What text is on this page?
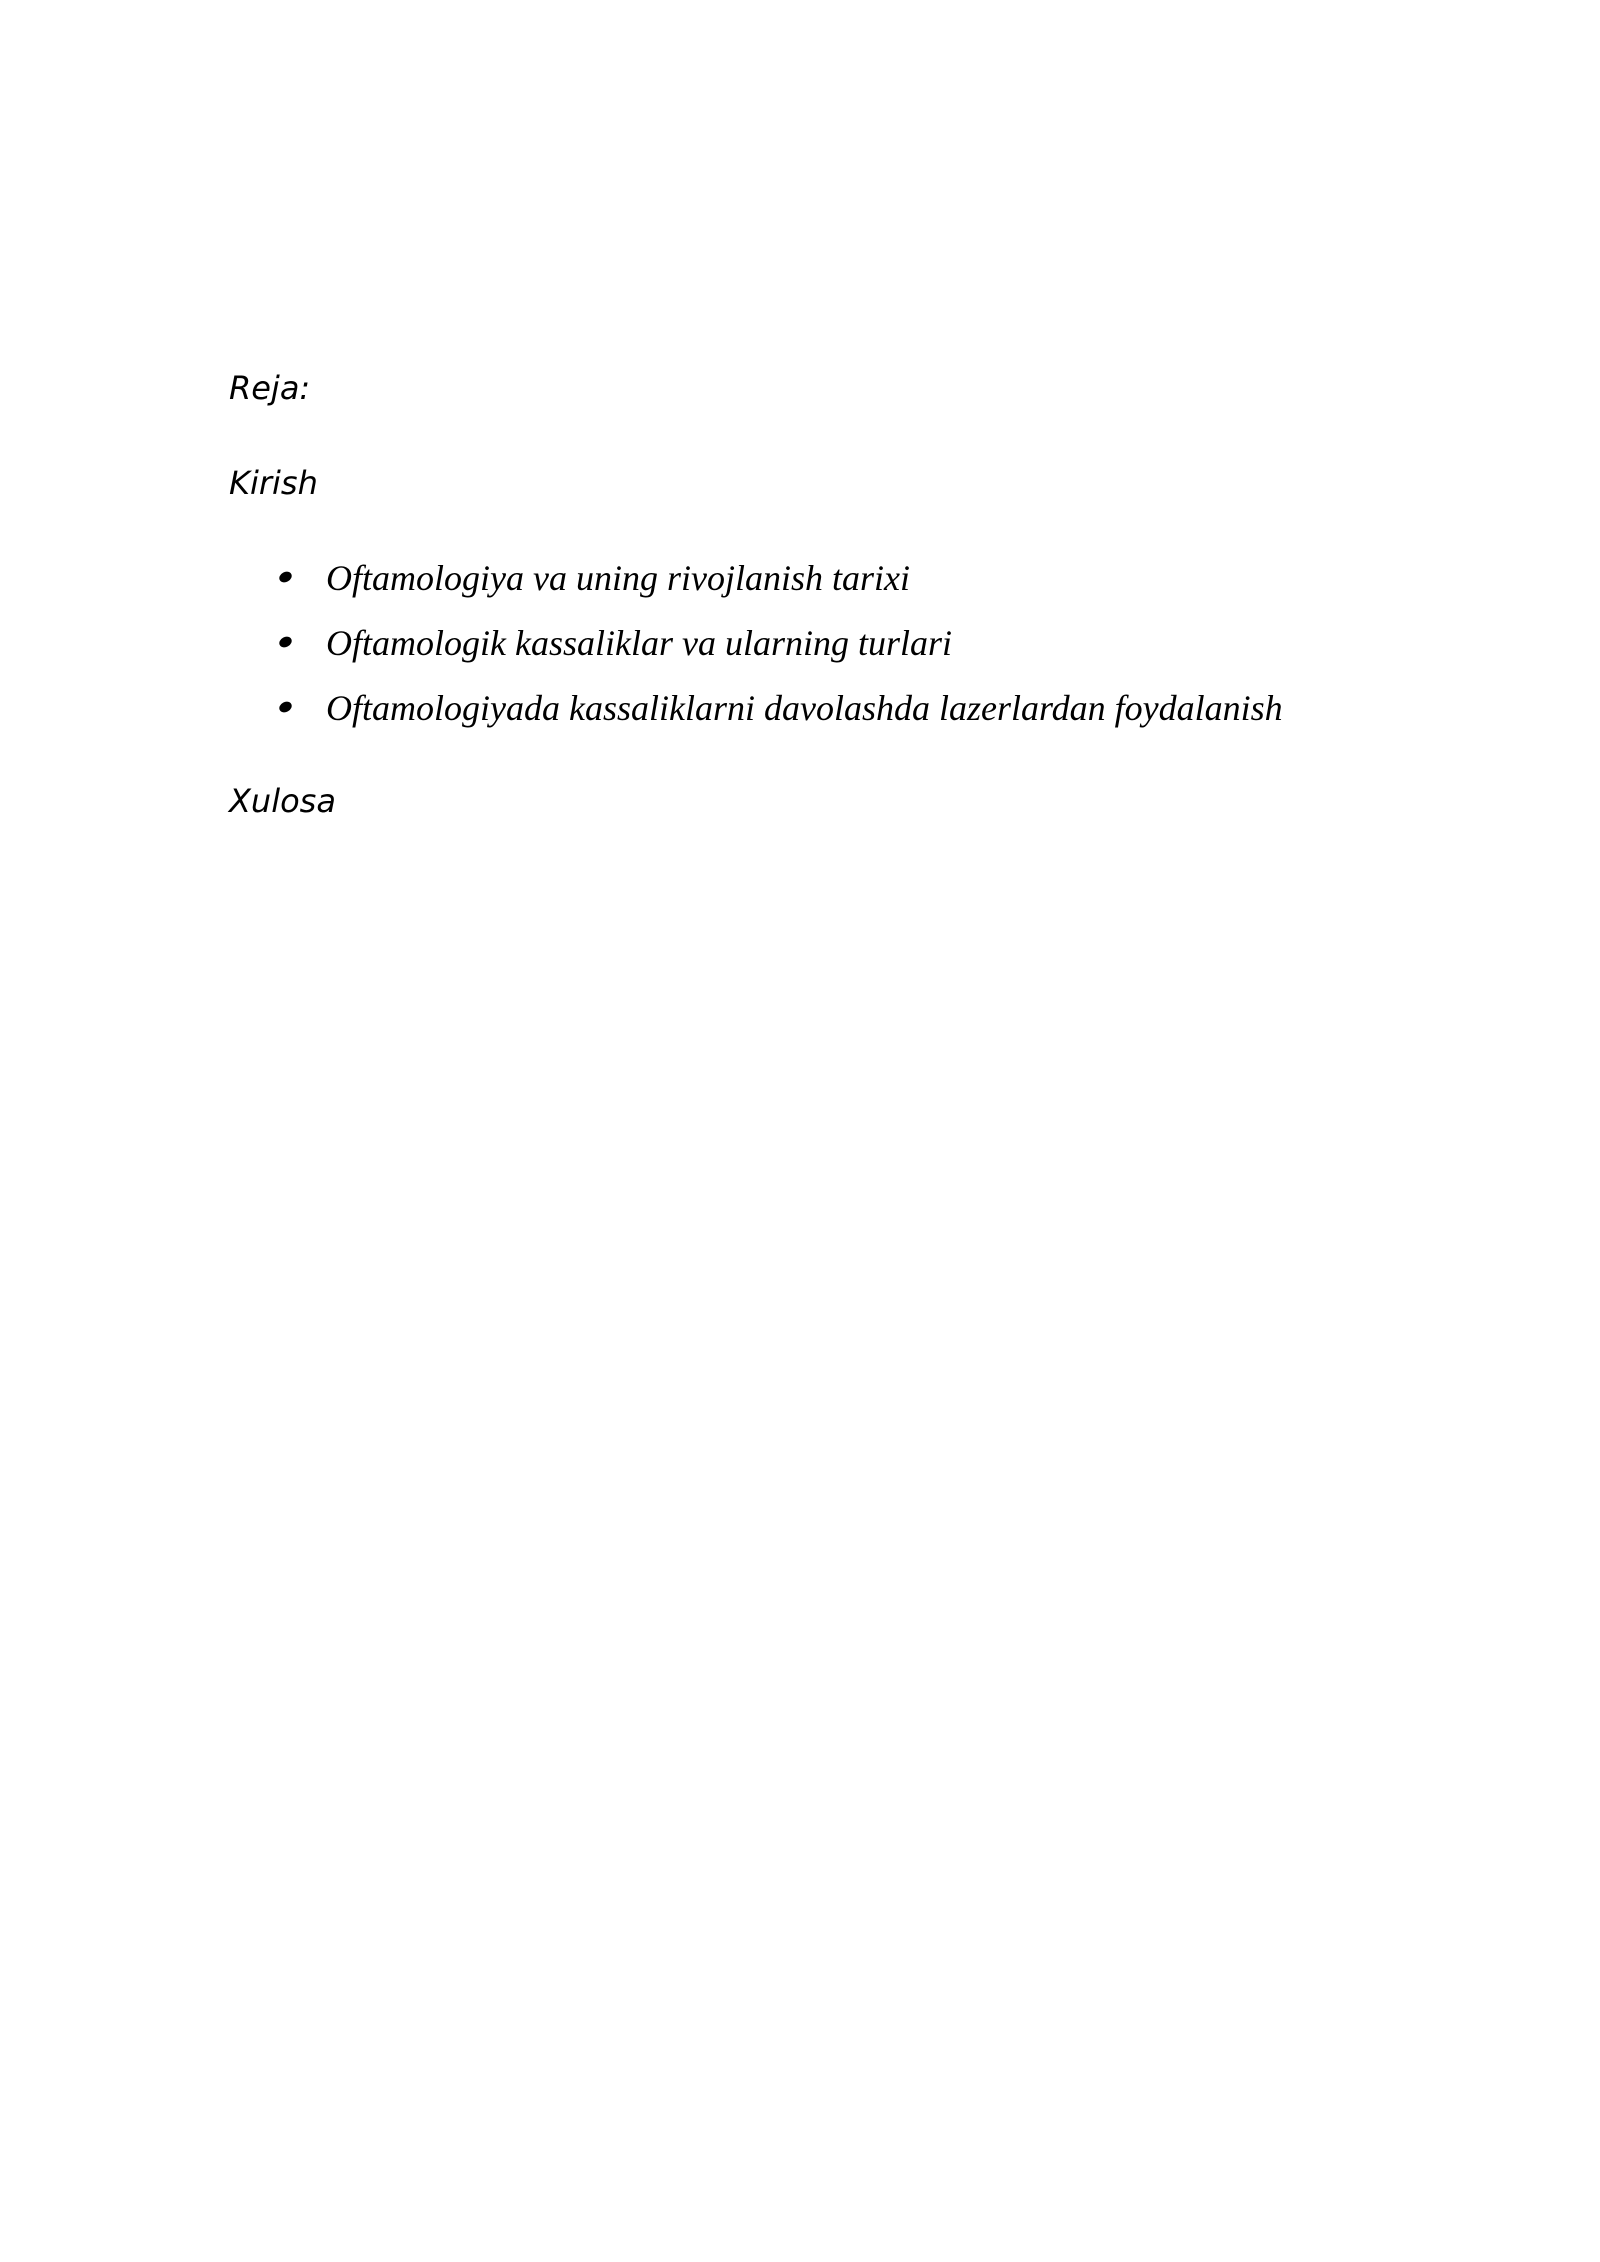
Reja:

Kirish

Oftamologiya va uning rivojlanish tarixi
Oftamologik kassaliklar va ularning turlari
Oftamologiyada kassaliklarni davolashda lazerlardan foydalanish

Xulosa
